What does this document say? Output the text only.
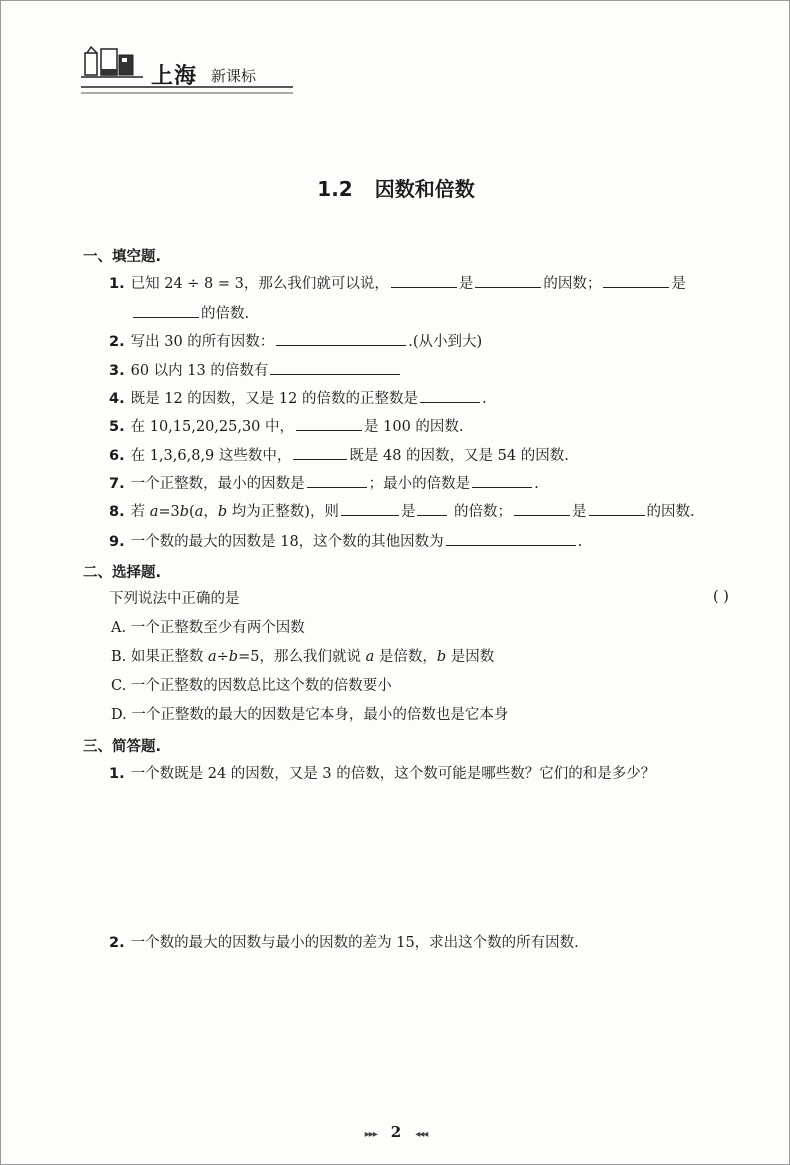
上海 新课标
1.2 因数和倍数
一、填空题.
1. 已知 24 ÷ 8 = 3，那么我们就可以说，	是	的因数；	是
的倍数.
2. 写出 30 的所有因数：	.(从小到大)
3. 60 以内 13 的倍数有
4. 既是 12 的因数，又是 12 的倍数的正整数是	.
5. 在 10,15,20,25,30 中，	是 100 的因数.
6. 在 1,3,6,8,9 这些数中，	既是 48 的因数，又是 54 的因数.
7. 一个正整数，最小的因数是	；最小的倍数是	.
8. 若 a=3b(a，b 均为正整数)，则	是 的倍数；	是	的因数.
9. 一个数的最大的因数是 18，这个数的其他因数为	.
二、选择题.
下列说法中正确的是	( )
A. 一个正整数至少有两个因数
B. 如果正整数 a÷b=5，那么我们就说 a 是倍数，b 是因数
C. 一个正整数的因数总比这个数的倍数要小
D. 一个正整数的最大的因数是它本身，最小的倍数也是它本身
三、简答题.
1. 一个数既是 24 的因数，又是 3 的倍数，这个数可能是哪些数？它们的和是多少？
2. 一个数的最大的因数与最小的因数的差为 15，求出这个数的所有因数.
▸▸▸ 2 ◂◂◂
